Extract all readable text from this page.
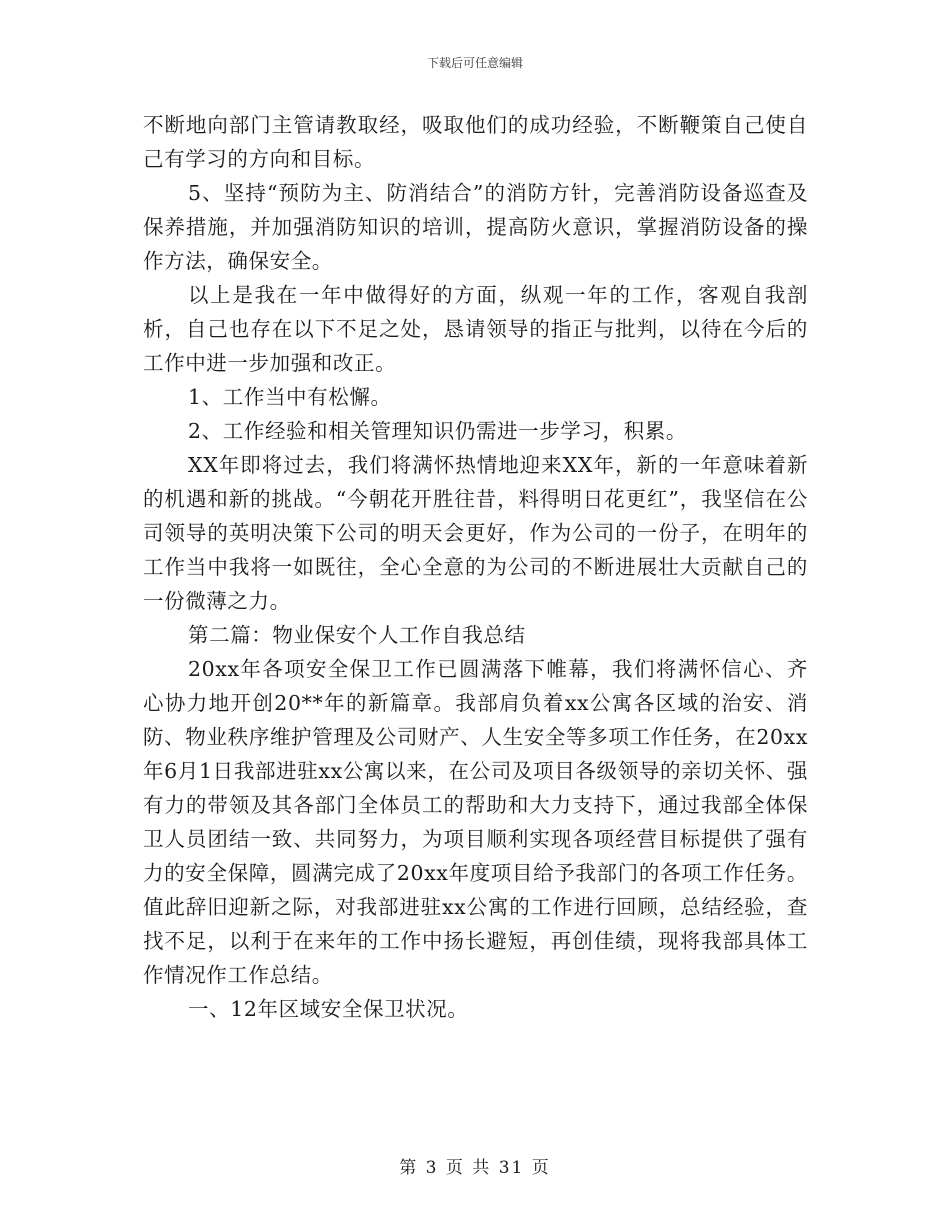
下载后可任意编辑

不断地向部门主管请教取经，吸取他们的成功经验，不断鞭策自己使自己有学习的方向和目标。

5、坚持“预防为主、防消结合”的消防方针，完善消防设备巡查及保养措施，并加强消防知识的培训，提高防火意识，掌握消防设备的操作方法，确保安全。

以上是我在一年中做得好的方面，纵观一年的工作，客观自我剖析，自己也存在以下不足之处，恳请领导的指正与批判，以待在今后的工作中进一步加强和改正。

1、工作当中有松懈。

2、工作经验和相关管理知识仍需进一步学习，积累。

XX年即将过去，我们将满怀热情地迎来XX年，新的一年意味着新的机遇和新的挑战。“今朝花开胜往昔，料得明日花更红”，我坚信在公司领导的英明决策下公司的明天会更好，作为公司的一份子，在明年的工作当中我将一如既往，全心全意的为公司的不断进展壮大贡献自己的一份微薄之力。

第二篇：物业保安个人工作自我总结

20xx年各项安全保卫工作已圆满落下帷幕，我们将满怀信心、齐心协力地开创20**年的新篇章。我部肩负着xx公寓各区域的治安、消防、物业秩序维护管理及公司财产、人生安全等多项工作任务，在20xx年6月1日我部进驻xx公寓以来，在公司及项目各级领导的亲切关怀、强有力的带领及其各部门全体员工的帮助和大力支持下，通过我部全体保卫人员团结一致、共同努力，为项目顺利实现各项经营目标提供了强有力的安全保障，圆满完成了20xx年度项目给予我部门的各项工作任务。值此辞旧迎新之际，对我部进驻xx公寓的工作进行回顾，总结经验，查找不足，以利于在来年的工作中扬长避短，再创佳绩，现将我部具体工作情况作工作总结。

一、12年区域安全保卫状况。

第 3 页 共 31 页
